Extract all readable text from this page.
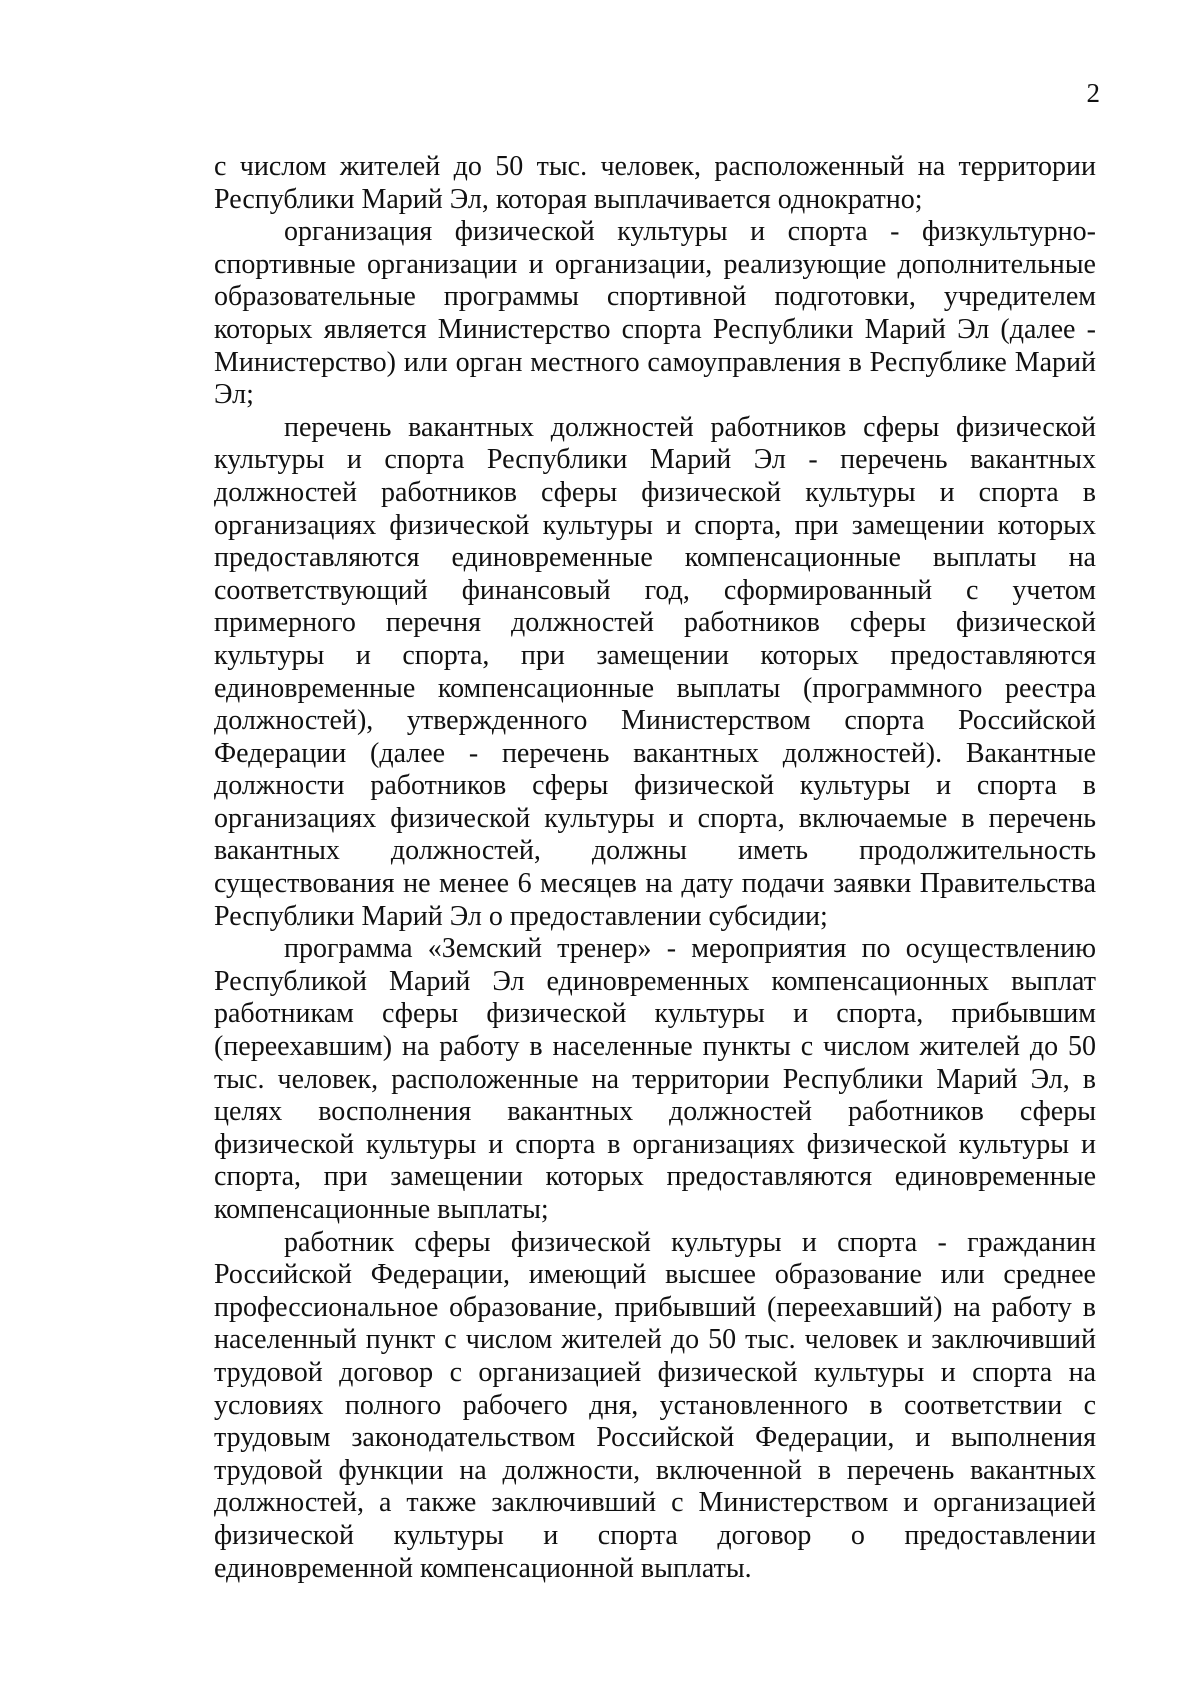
2

с числом жителей до 50 тыс. человек, расположенный на территории Республики Марий Эл, которая выплачивается однократно;

организация физической культуры и спорта - физкультурно-спортивные организации и организации, реализующие дополнительные образовательные программы спортивной подготовки, учредителем которых является Министерство спорта Республики Марий Эл (далее - Министерство) или орган местного самоуправления в Республике Марий Эл;

перечень вакантных должностей работников сферы физической культуры и спорта Республики Марий Эл - перечень вакантных должностей работников сферы физической культуры и спорта в организациях физической культуры и спорта, при замещении которых предоставляются единовременные компенсационные выплаты на соответствующий финансовый год, сформированный с учетом примерного перечня должностей работников сферы физической культуры и спорта, при замещении которых предоставляются единовременные компенсационные выплаты (программного реестра должностей), утвержденного Министерством спорта Российской Федерации (далее - перечень вакантных должностей). Вакантные должности работников сферы физической культуры и спорта в организациях физической культуры и спорта, включаемые в перечень вакантных должностей, должны иметь продолжительность существования не менее 6 месяцев на дату подачи заявки Правительства Республики Марий Эл о предоставлении субсидии;

программа «Земский тренер» - мероприятия по осуществлению Республикой Марий Эл единовременных компенсационных выплат работникам сферы физической культуры и спорта, прибывшим (переехавшим) на работу в населенные пункты с числом жителей до 50 тыс. человек, расположенные на территории Республики Марий Эл, в целях восполнения вакантных должностей работников сферы физической культуры и спорта в организациях физической культуры и спорта, при замещении которых предоставляются единовременные компенсационные выплаты;

работник сферы физической культуры и спорта - гражданин Российской Федерации, имеющий высшее образование или среднее профессиональное образование, прибывший (переехавший) на работу в населенный пункт с числом жителей до 50 тыс. человек и заключивший трудовой договор с организацией физической культуры и спорта на условиях полного рабочего дня, установленного в соответствии с трудовым законодательством Российской Федерации, и выполнения трудовой функции на должности, включенной в перечень вакантных должностей, а также заключивший с Министерством и организацией физической культуры и спорта договор о предоставлении единовременной компенсационной выплаты.
